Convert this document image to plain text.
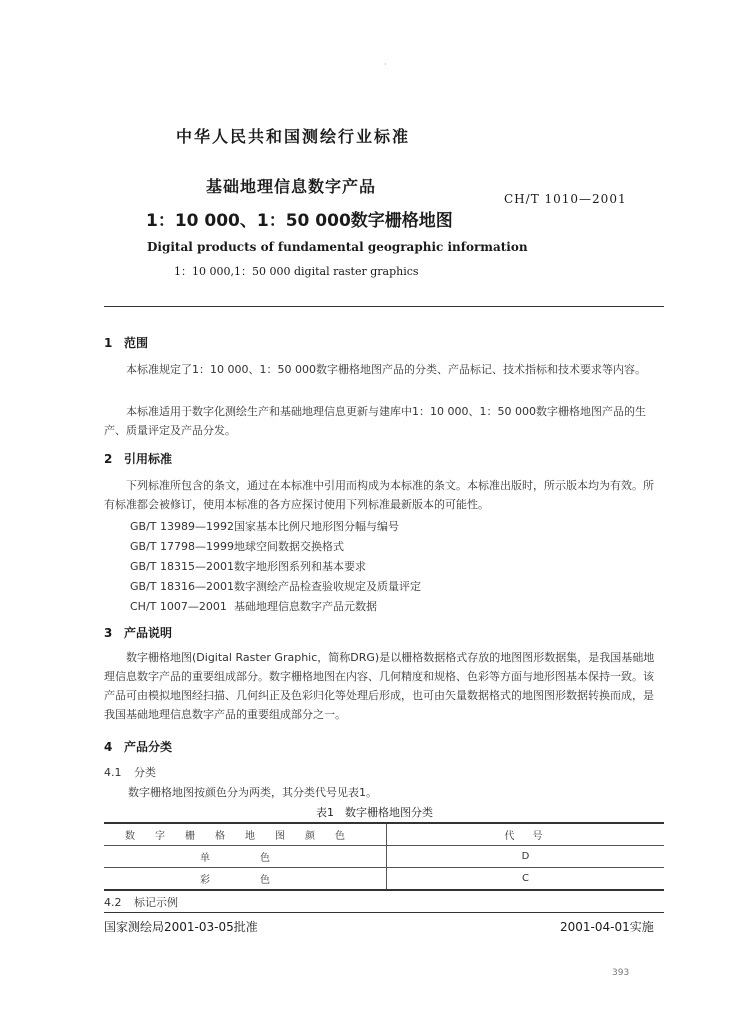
·
中华人民共和国测绘行业标准
基础地理信息数字产品
CH/T 1010—2001
1：10 000、1：50 000数字栅格地图
Digital products of fundamental geographic information
1：10 000,1：50 000 digital raster graphics
1 范围
本标准规定了1：10 000、1：50 000数字栅格地图产品的分类、产品标记、技术指标和技术要求等内容。
本标准适用于数字化测绘生产和基础地理信息更新与建库中1：10 000、1：50 000数字栅格地图产品的生产、质量评定及产品分发。
2 引用标准
下列标准所包含的条文，通过在本标准中引用而构成为本标准的条文。本标准出版时，所示版本均为有效。所有标准都会被修订，使用本标准的各方应探讨使用下列标准最新版本的可能性。
GB/T 13989—1992国家基本比例尺地形图分幅与编号
GB/T 17798—1999地球空间数据交换格式
GB/T 18315—2001数字地形图系列和基本要求
GB/T 18316—2001数字测绘产品检查验收规定及质量评定
CH/T 1007—2001 基础地理信息数字产品元数据
3 产品说明
数字栅格地图(Digital Raster Graphic，简称DRG)是以栅格数据格式存放的地图图形数据集，是我国基础地理信息数字产品的重要组成部分。数字栅格地图在内容、几何精度和规格、色彩等方面与地形图基本保持一致。该产品可由模拟地图经扫描、几何纠正及色彩归化等处理后形成，也可由矢量数据格式的地图图形数据转换而成，是我国基础地理信息数字产品的重要组成部分之一。
4 产品分类
4.1 分类
数字栅格地图按颜色分为两类，其分类代号见表1。
表1　数字栅格地图分类
数字栅格地图颜色	代　号
单　色	D
彩　色	C
4.2 标记示例
国家测绘局2001-03-05批准	2001-04-01实施
393
